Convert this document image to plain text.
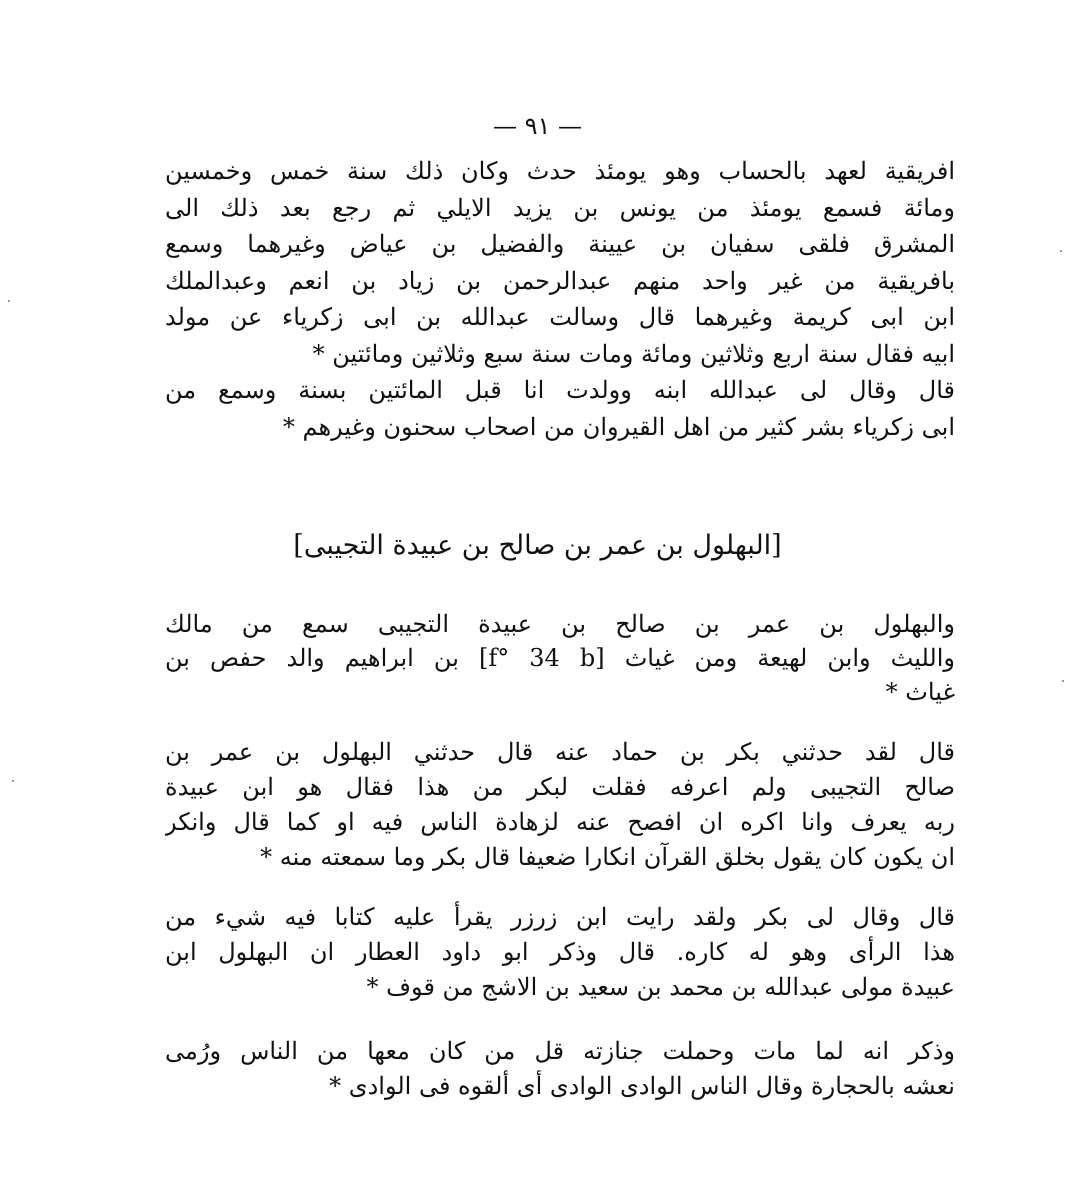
— ٩١ —
افريقية لعهد بالحساب وهو يومئذ حدث وكان ذلك سنة خمس وخمسين
ومائة فسمع يومئذ من يونس بن يزيد الايلي ثم رجع بعد ذلك الى
المشرق فلقى سفيان بن عيينة والفضيل بن عياض وغيرهما وسمع
بافريقية من غير واحد منهم عبدالرحمن بن زياد بن انعم وعبدالملك
ابن ابى كريمة وغيرهما قال وسالت عبدالله بن ابى زكرياء عن مولد
ابيه فقال سنة اربع وثلاثين ومائة ومات سنة سبع وثلاثين ومائتين *
قال وقال لى عبدالله ابنه وولدت انا قبل المائتين بسنة وسمع من
ابى زكرياء بشر كثير من اهل القيروان من اصحاب سحنون وغيرهم *
[البهلول بن عمر بن صالح بن عبيدة التجيبى]
والبهلول بن عمر بن صالح بن عبيدة التجيبى سمع من مالك
والليث وابن لهيعة ومن غياث [f° 34 b] بن ابراهيم والد حفص بن
غياث *
قال لقد حدثني بكر بن حماد عنه قال حدثني البهلول بن عمر بن
صالح التجيبى ولم اعرفه فقلت لبكر من هذا فقال هو ابن عبيدة
ربه يعرف وانا اكره ان افصح عنه لزهادة الناس فيه او كما قال وانكر
ان يكون كان يقول بخلق القرآن انكارا ضعيفا قال بكر وما سمعته منه *
قال وقال لى بكر ولقد رايت ابن زرزر يقرأ عليه كتابا فيه شيء من
هذا الرأى وهو له كاره. قال وذكر ابو داود العطار ان البهلول ابن
عبيدة مولى عبدالله بن محمد بن سعيد بن الاشج من قوف *
وذكر انه لما مات وحملت جنازته قل من كان معها من الناس ورُمى
نعشه بالحجارة وقال الناس الوادى الوادى أى ألقوه فى الوادى *
